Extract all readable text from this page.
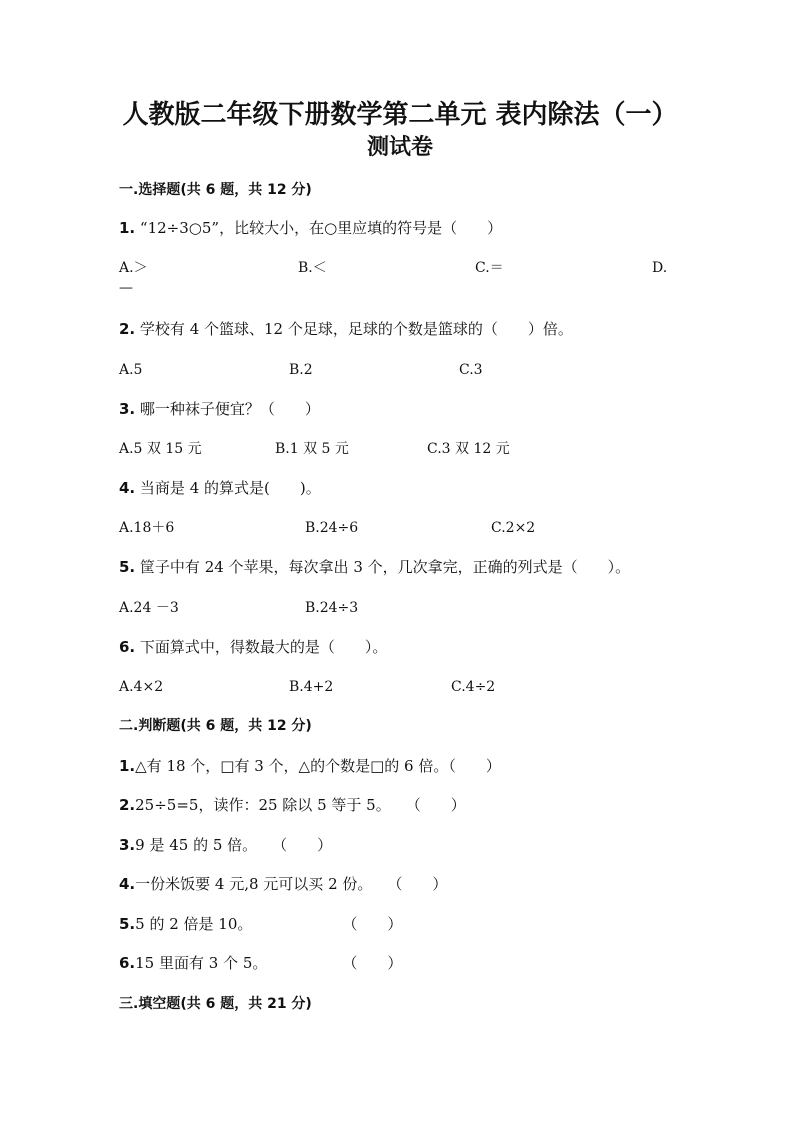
人教版二年级下册数学第二单元 表内除法（一）
测试卷
一.选择题(共 6 题，共 12 分)
1. “12÷3○5”，比较大小，在○里应填的符号是（　　）
A.＞	B.＜	C.＝	D.
—
2. 学校有 4 个篮球、12 个足球，足球的个数是篮球的（　　）倍。
A.5	B.2	C.3
3. 哪一种袜子便宜？（　　）
A.5 双 15 元	B.1 双 5 元	C.3 双 12 元
4. 当商是 4 的算式是(　　)。
A.18＋6	B.24÷6	C.2×2
5. 筐子中有 24 个苹果，每次拿出 3 个，几次拿完，正确的列式是（　　）。
A.24 －3	B.24÷3
6. 下面算式中，得数最大的是（　　）。
A.4×2	B.4+2	C.4÷2
二.判断题(共 6 题，共 12 分)
1.△有 18 个，□有 3 个，△的个数是□的 6 倍。（　　）
2.25÷5=5，读作：25 除以 5 等于 5。　　（　　）
3.9 是 45 的 5 倍。　　（　　）
4.一份米饭要 4 元,8 元可以买 2 份。　　（　　）
5.5 的 2 倍是 10。　　　　　　　（　　）
6.15 里面有 3 个 5。　　　　　　（　　）
三.填空题(共 6 题，共 21 分)
